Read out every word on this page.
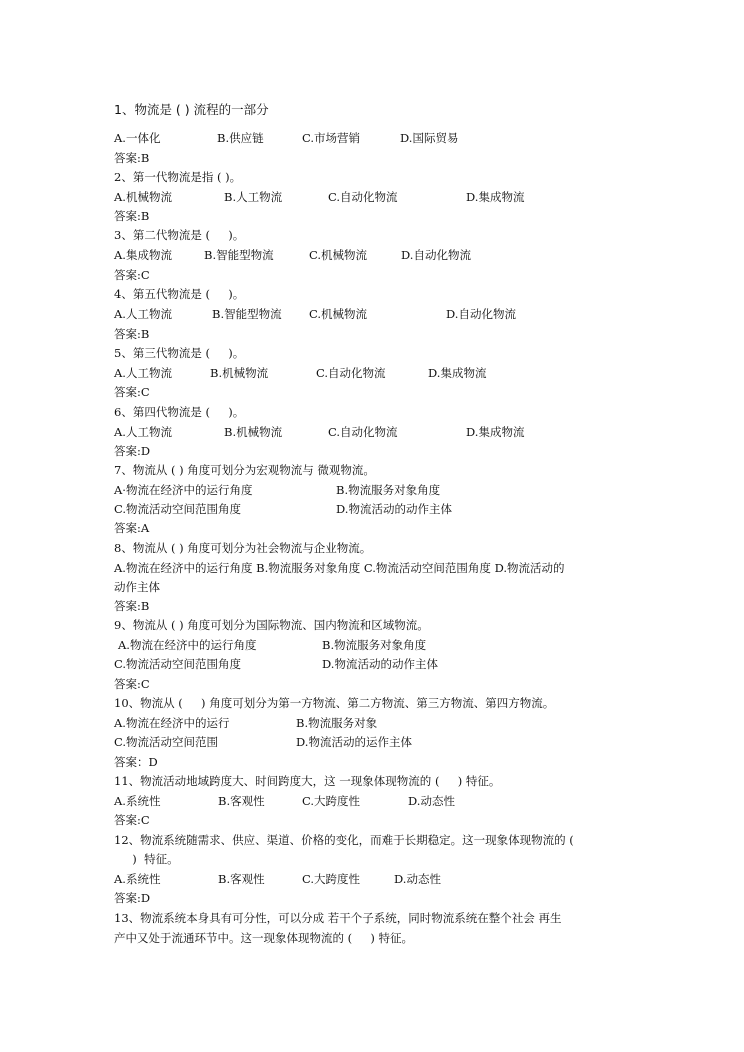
1、物流是 ( ) 流程的一部分
A.一体化	B.供应链	C.市场营销	D.国际贸易
答案:B
2、第一代物流是指 ( )。
A.机械物流	B.人工物流	C.自动化物流	D.集成物流
答案:B
3、第二代物流是 (     )。
A.集成物流	B.智能型物流	C.机械物流	D.自动化物流
答案:C
4、第五代物流是 (     )。
A.人工物流	B.智能型物流 C.机械物流	D.自动化物流
答案:B
5、第三代物流是 (     )。
A.人工物流	B.机械物流	C.自动化物流	D.集成物流
答案:C
6、第四代物流是 (     )。
A.人工物流	B.机械物流	C.自动化物流	D.集成物流
答案:D
7、物流从 ( ) 角度可划分为宏观物流与 微观物流。
A·物流在经济中的运行角度	B.物流服务对象角度
C.物流活动空间范围角度	D.物流活动的动作主体
答案:A
8、物流从 ( ) 角度可划分为社会物流与企业物流。
A.物流在经济中的运行角度 B.物流服务对象角度 C.物流活动空间范围角度 D.物流活动的
动作主体
答案:B
9、物流从 ( ) 角度可划分为国际物流、国内物流和区域物流。
A.物流在经济中的运行角度	B.物流服务对象角度
C.物流活动空间范围角度	D.物流活动的动作主体
答案:C
10、物流从 (     ) 角度可划分为第一方物流、第二方物流、第三方物流、第四方物流。
A.物流在经济中的运行	B.物流服务对象
C.物流活动空间范围	D.物流活动的运作主体
答案：D
11、物流活动地域跨度大、时间跨度大，这 一现象体现物流的 (     ) 特征。
A.系统性	B.客观性	C.大跨度性	D.动态性
答案:C
12、物流系统随需求、供应、渠道、价格的变化，而难于长期稳定。这一现象体现物流的 (
)  特征。
A.系统性	B.客观性	C.大跨度性	D.动态性
答案:D
13、物流系统本身具有可分性，可以分成 若干个子系统，同时物流系统在整个社会 再生
产中又处于流通环节中。这一现象体现物流的 (     ) 特征。
